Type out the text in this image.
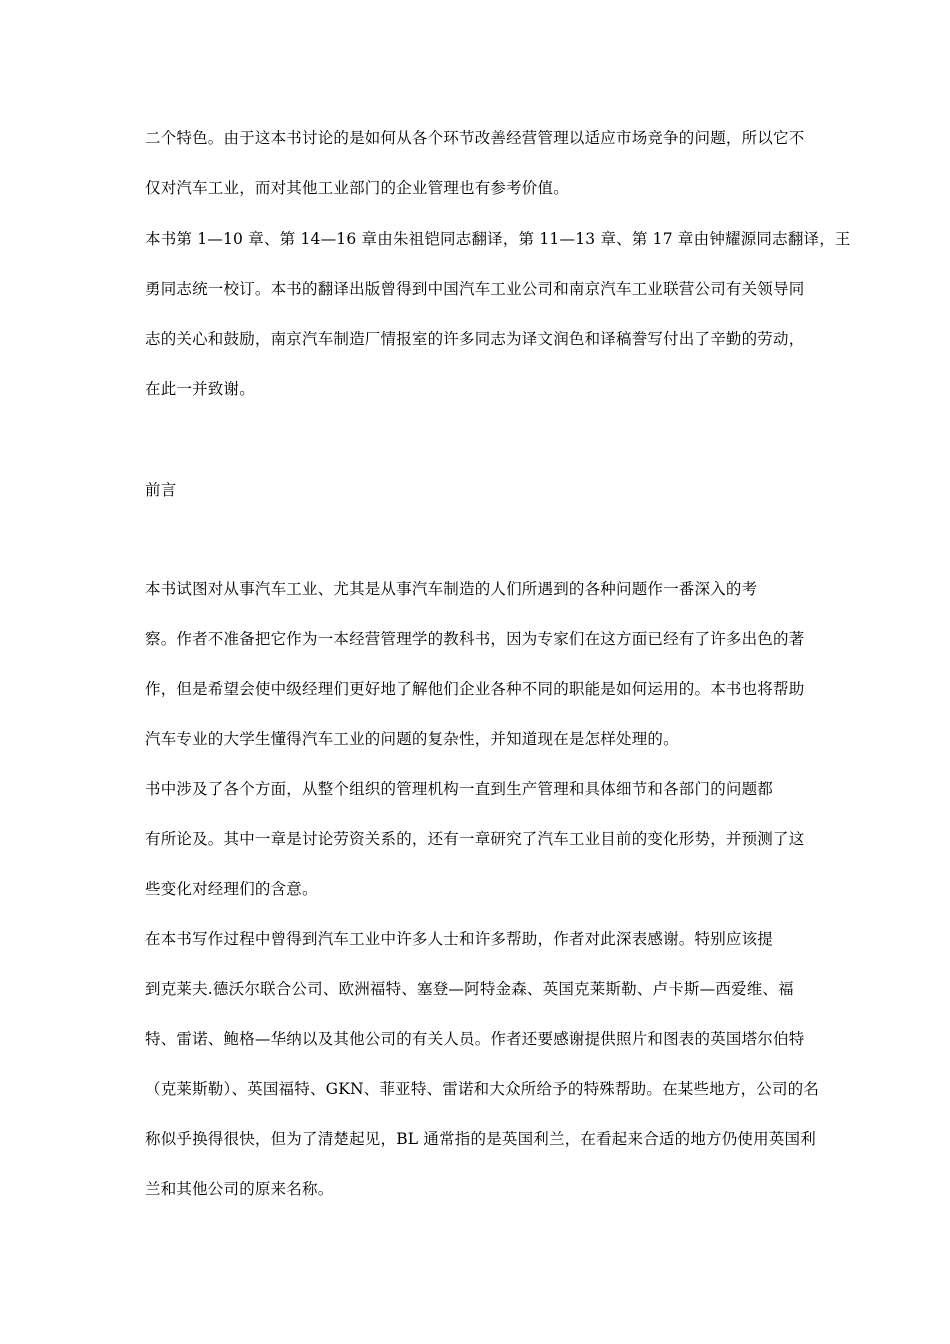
二个特色。由于这本书讨论的是如何从各个环节改善经营管理以适应市场竞争的问题，所以它不
仅对汽车工业，而对其他工业部门的企业管理也有参考价值。
本书第 1—10 章、第 14—16 章由朱祖铠同志翻译，第 11—13 章、第 17 章由钟耀源同志翻译，王
勇同志统一校订。本书的翻译出版曾得到中国汽车工业公司和南京汽车工业联营公司有关领导同
志的关心和鼓励，南京汽车制造厂情报室的许多同志为译文润色和译稿誊写付出了辛勤的劳动，
在此一并致谢。
前言
本书试图对从事汽车工业、尤其是从事汽车制造的人们所遇到的各种问题作一番深入的考
察。作者不准备把它作为一本经营管理学的教科书，因为专家们在这方面已经有了许多出色的著
作，但是希望会使中级经理们更好地了解他们企业各种不同的职能是如何运用的。本书也将帮助
汽车专业的大学生懂得汽车工业的问题的复杂性，并知道现在是怎样处理的。
书中涉及了各个方面，从整个组织的管理机构一直到生产管理和具体细节和各部门的问题都
有所论及。其中一章是讨论劳资关系的，还有一章研究了汽车工业目前的变化形势，并预测了这
些变化对经理们的含意。
在本书写作过程中曾得到汽车工业中许多人士和许多帮助，作者对此深表感谢。特别应该提
到克莱夫.德沃尔联合公司、欧洲福特、塞登—阿特金森、英国克莱斯勒、卢卡斯—西爱维、福
特、雷诺、鲍格—华纳以及其他公司的有关人员。作者还要感谢提供照片和图表的英国塔尔伯特
（克莱斯勒）、英国福特、GKN、菲亚特、雷诺和大众所给予的特殊帮助。在某些地方，公司的名
称似乎换得很快，但为了清楚起见，BL 通常指的是英国利兰，在看起来合适的地方仍使用英国利
兰和其他公司的原来名称。
